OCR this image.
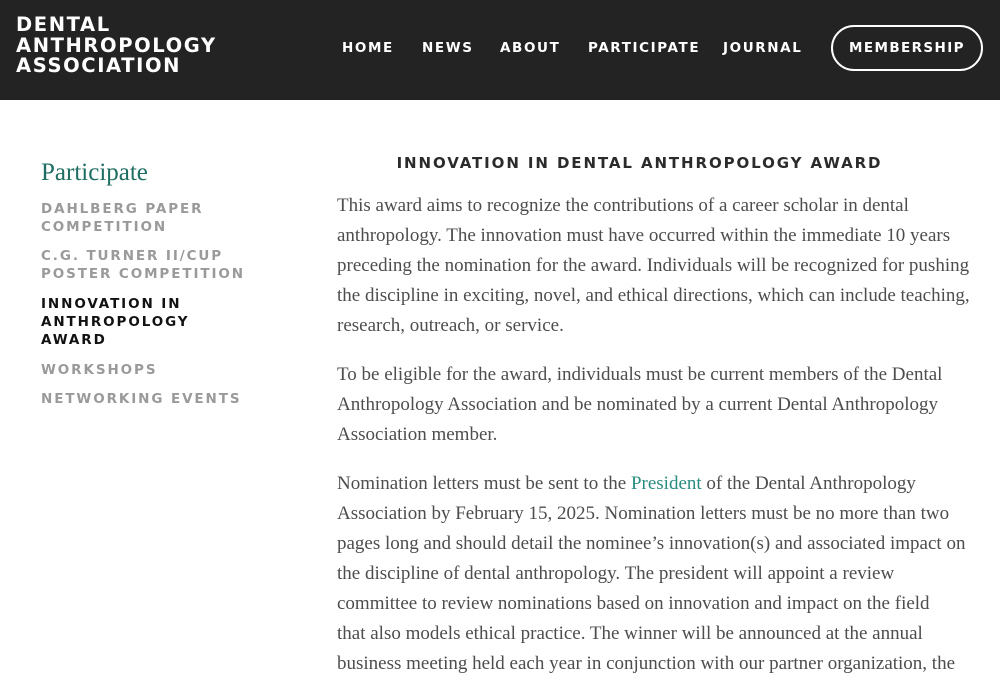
DENTAL
ANTHROPOLOGY
ASSOCIATION
HOME NEWS ABOUT PARTICIPATE JOURNAL	MEMBERSHIP
Participate
DAHLBERG PAPER
COMPETITION
C.G. TURNER II/CUP
POSTER COMPETITION
INNOVATION IN
ANTHROPOLOGY
AWARD
WORKSHOPS
NETWORKING EVENTS
INNOVATION IN DENTAL ANTHROPOLOGY AWARD

This award aims to recognize the contributions of a career scholar in dental
anthropology. The innovation must have occurred within the immediate 10 years
preceding the nomination for the award. Individuals will be recognized for pushing
the discipline in exciting, novel, and ethical directions, which can include teaching,
research, outreach, or service.

To be eligible for the award, individuals must be current members of the Dental
Anthropology Association and be nominated by a current Dental Anthropology
Association member.

Nomination letters must be sent to the President of the Dental Anthropology
Association by February 15, 2025. Nomination letters must be no more than two
pages long and should detail the nominee’s innovation(s) and associated impact on
the discipline of dental anthropology. The president will appoint a review
committee to review nominations based on innovation and impact on the field
that also models ethical practice. The winner will be announced at the annual
business meeting held each year in conjunction with our partner organization, the
